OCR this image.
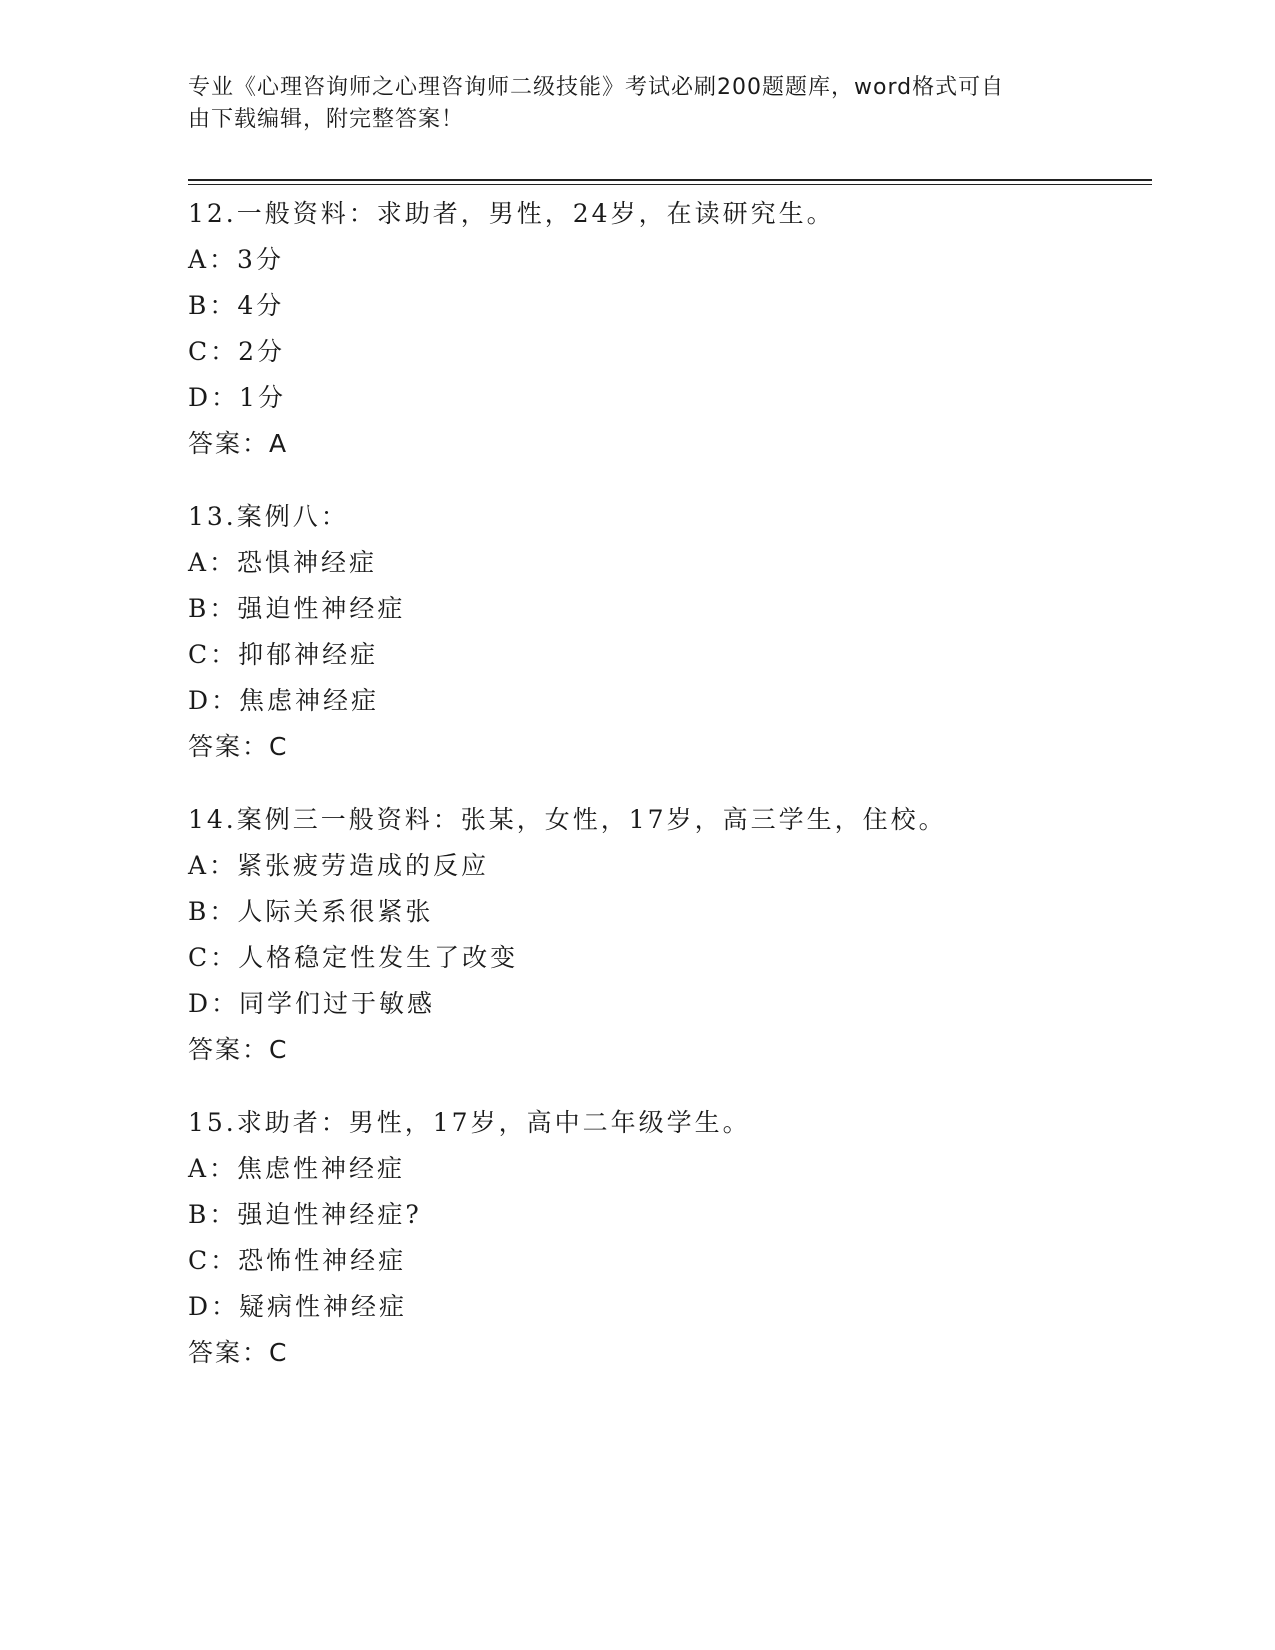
专业《心理咨询师之心理咨询师二级技能》考试必刷200题题库，word格式可自
由下载编辑，附完整答案！
12.一般资料：求助者，男性，24岁，在读研究生。
A：3分
B：4分
C：2分
D：1分
答案：A
13.案例八：
A：恐惧神经症
B：强迫性神经症
C：抑郁神经症
D：焦虑神经症
答案：C
14.案例三一般资料：张某，女性，17岁，高三学生，住校。
A：紧张疲劳造成的反应
B：人际关系很紧张
C：人格稳定性发生了改变
D：同学们过于敏感
答案：C
15.求助者：男性，17岁，高中二年级学生。
A：焦虑性神经症
B：强迫性神经症?
C：恐怖性神经症
D：疑病性神经症
答案：C
